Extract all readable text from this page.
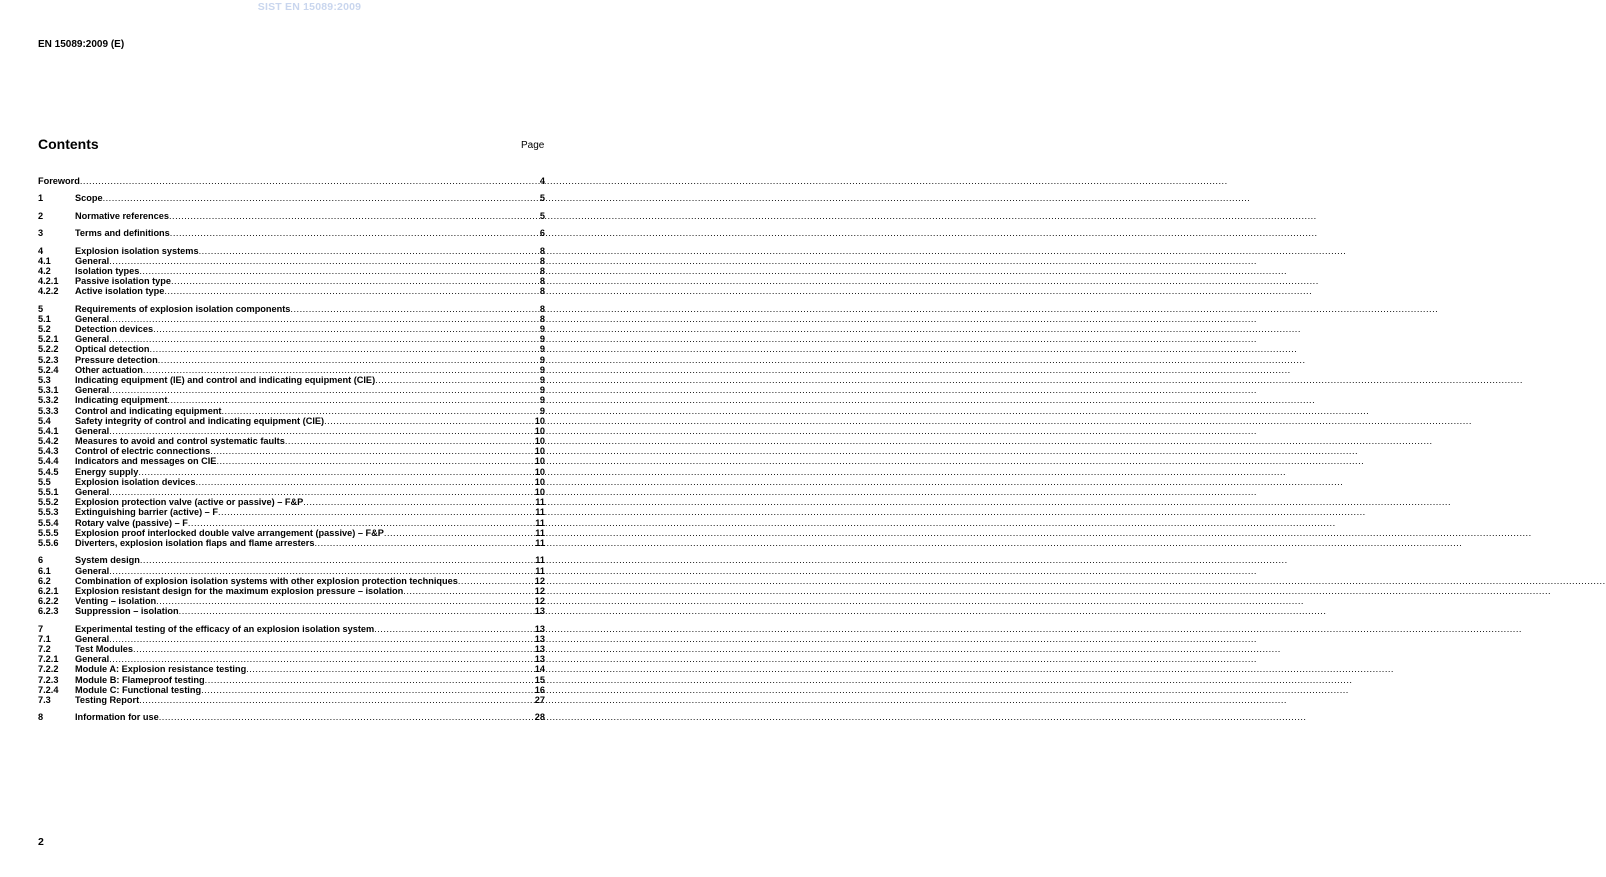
SIST EN 15089:2009
EN 15089:2009 (E)
Contents	Page
Foreword .....	4
1	Scope .....	5
2	Normative references .....	5
3	Terms and definitions .....	6
4	Explosion isolation systems .....	8
4.1	General .....	8
4.2	Isolation types .....	8
4.2.1	Passive isolation type .....	8
4.2.2	Active isolation type .....	8
5	Requirements of explosion isolation components .....	8
5.1	General .....	8
5.2	Detection devices .....	9
5.2.1	General .....	9
5.2.2	Optical detection .....	9
5.2.3	Pressure detection .....	9
5.2.4	Other actuation .....	9
5.3	Indicating equipment (IE) and control and indicating equipment (CIE) .....	9
5.3.1	General .....	9
5.3.2	Indicating equipment .....	9
5.3.3	Control and indicating equipment .....	9
5.4	Safety integrity of control and indicating equipment (CIE) .....	10
5.4.1	General .....	10
5.4.2	Measures to avoid and control systematic faults .....	10
5.4.3	Control of electric connections .....	10
5.4.4	Indicators and messages on CIE .....	10
5.4.5	Energy supply .....	10
5.5	Explosion isolation devices .....	10
5.5.1	General .....	10
5.5.2	Explosion protection valve (active or passive) – F&P .....	11
5.5.3	Extinguishing barrier (active) – F .....	11
5.5.4	Rotary valve (passive) – F .....	11
5.5.5	Explosion proof interlocked double valve arrangement (passive) – F&P .....	11
5.5.6	Diverters, explosion isolation flaps and flame arresters .....	11
6	System design .....	11
6.1	General .....	11
6.2	Combination of explosion isolation systems with other explosion protection techniques .....	12
6.2.1	Explosion resistant design for the maximum explosion pressure – isolation .....	12
6.2.2	Venting – isolation .....	12
6.2.3	Suppression – isolation .....	13
7	Experimental testing of the efficacy of an explosion isolation system .....	13
7.1	General .....	13
7.2	Test Modules .....	13
7.2.1	General .....	13
7.2.2	Module A: Explosion resistance testing .....	14
7.2.3	Module B: Flameproof testing .....	15
7.2.4	Module C: Functional testing .....	16
7.3	Testing Report .....	27
8	Information for use .....	28
2
